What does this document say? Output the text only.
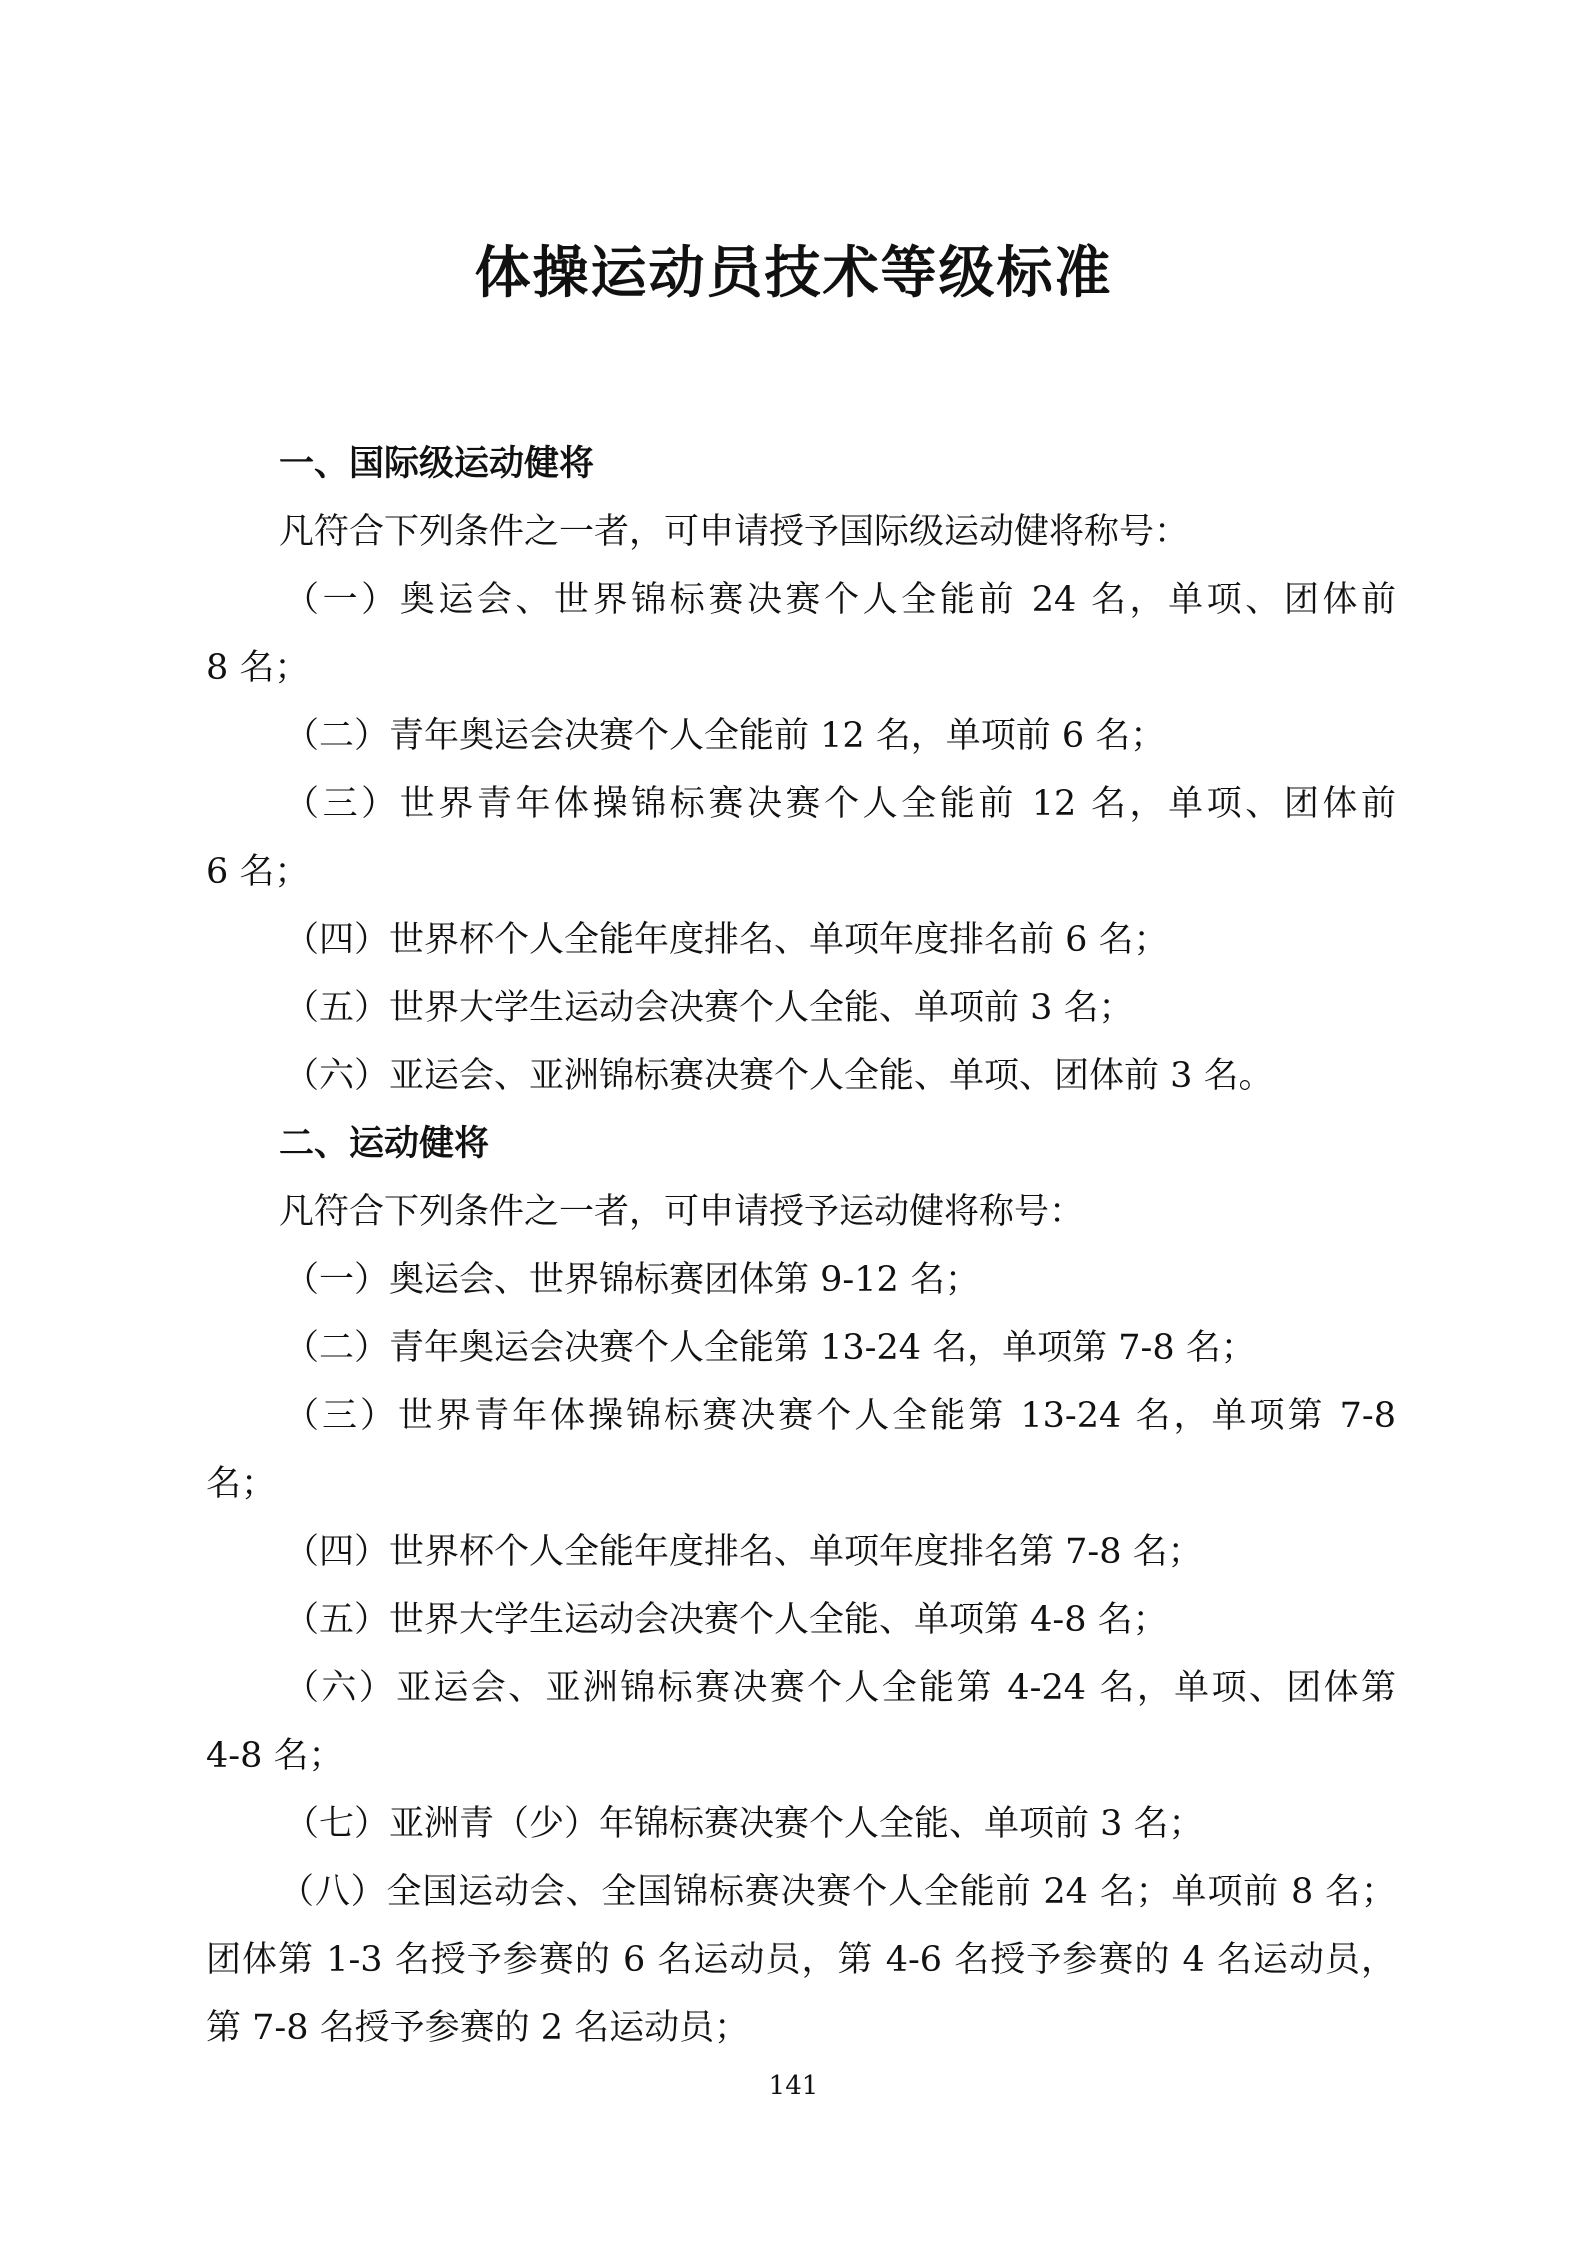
体操运动员技术等级标准
一、国际级运动健将
凡符合下列条件之一者，可申请授予国际级运动健将称号：
（一）奥运会、世界锦标赛决赛个人全能前 24 名，单项、团体前
8 名；
（二）青年奥运会决赛个人全能前 12 名，单项前 6 名；
（三）世界青年体操锦标赛决赛个人全能前 12 名，单项、团体前
6 名；
（四）世界杯个人全能年度排名、单项年度排名前 6 名；
（五）世界大学生运动会决赛个人全能、单项前 3 名；
（六）亚运会、亚洲锦标赛决赛个人全能、单项、团体前 3 名。
二、运动健将
凡符合下列条件之一者，可申请授予运动健将称号：
（一）奥运会、世界锦标赛团体第 9-12 名；
（二）青年奥运会决赛个人全能第 13-24 名，单项第 7-8 名；
（三）世界青年体操锦标赛决赛个人全能第 13-24 名，单项第 7-8
名；
（四）世界杯个人全能年度排名、单项年度排名第 7-8 名；
（五）世界大学生运动会决赛个人全能、单项第 4-8 名；
（六）亚运会、亚洲锦标赛决赛个人全能第 4-24 名，单项、团体第
4-8 名；
（七）亚洲青（少）年锦标赛决赛个人全能、单项前 3 名；
（八）全国运动会、全国锦标赛决赛个人全能前 24 名；单项前 8 名；
团体第 1-3 名授予参赛的 6 名运动员，第 4-6 名授予参赛的 4 名运动员，
第 7-8 名授予参赛的 2 名运动员；
141
